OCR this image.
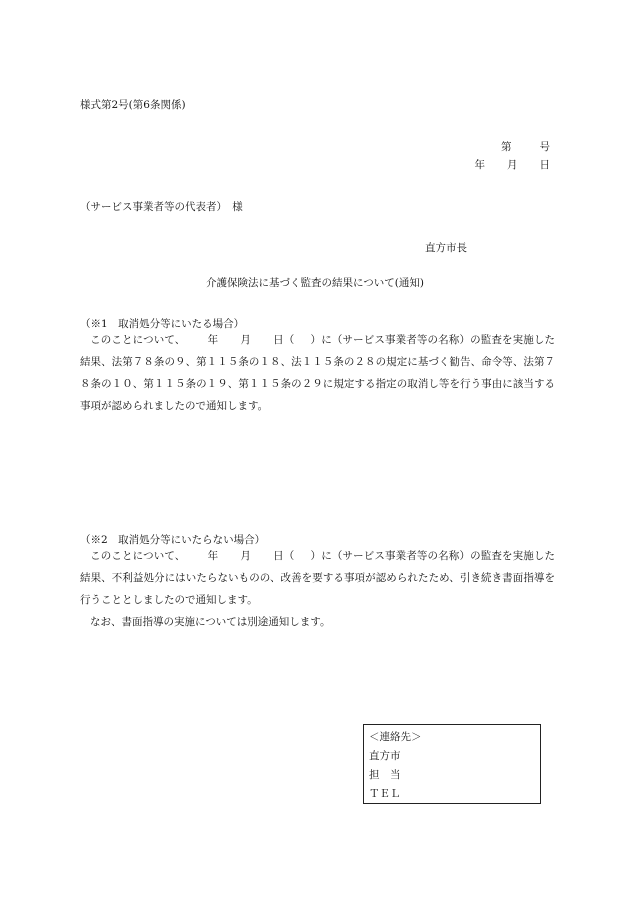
様式第2号(第6条関係)
第	号
年 月 日
（サービス事業者等の代表者）　様
直方市長
介護保険法に基づく監査の結果について(通知)
（※1　取消処分等にいたる場合）
このことについて、 年 月 日（ ）に（サービス事業者等の名称）の監査を実施した結果、法第７８条の９、第１１５条の１８、法１１５条の２８の規定に基づく勧告、命令等、法第７８条の１０、第１１５条の１９、第１１５条の２９に規定する指定の取消し等を行う事由に該当する事項が認められましたので通知します。
（※2　取消処分等にいたらない場合）
このことについて、 年 月 日（ ）に（サービス事業者等の名称）の監査を実施した結果、不利益処分にはいたらないものの、改善を要する事項が認められたため、引き続き書面指導を行うこととしましたので通知します。
なお、書面指導の実施については別途通知します。
＜連絡先＞
直方市
担　当
ＴＥＬ
